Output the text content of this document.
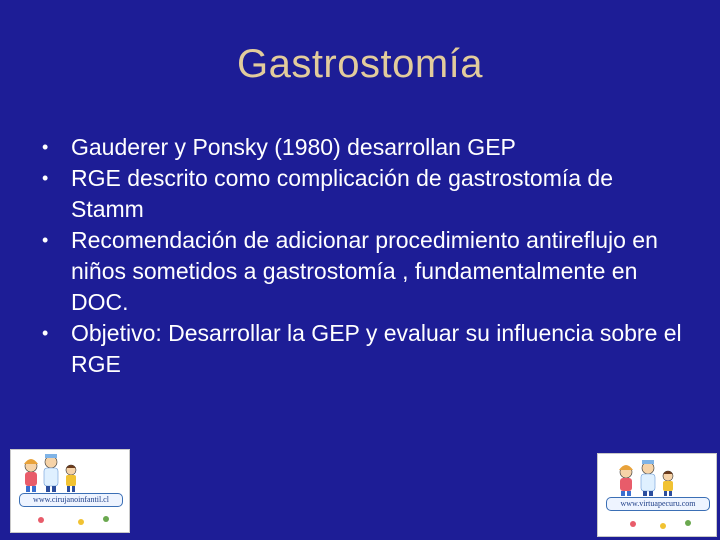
Gastrostomía
• Gauderer y Ponsky (1980) desarrollan GEP
• RGE descrito como complicación de gastrostomía de Stamm
• Recomendación de adicionar procedimiento antireflujo en niños sometidos a gastrostomía , fundamentalmente en DOC.
• Objetivo: Desarrollar la GEP y evaluar su influencia sobre el RGE
www.cirujanoinfantil.cl	www.virtuapecuru.com
